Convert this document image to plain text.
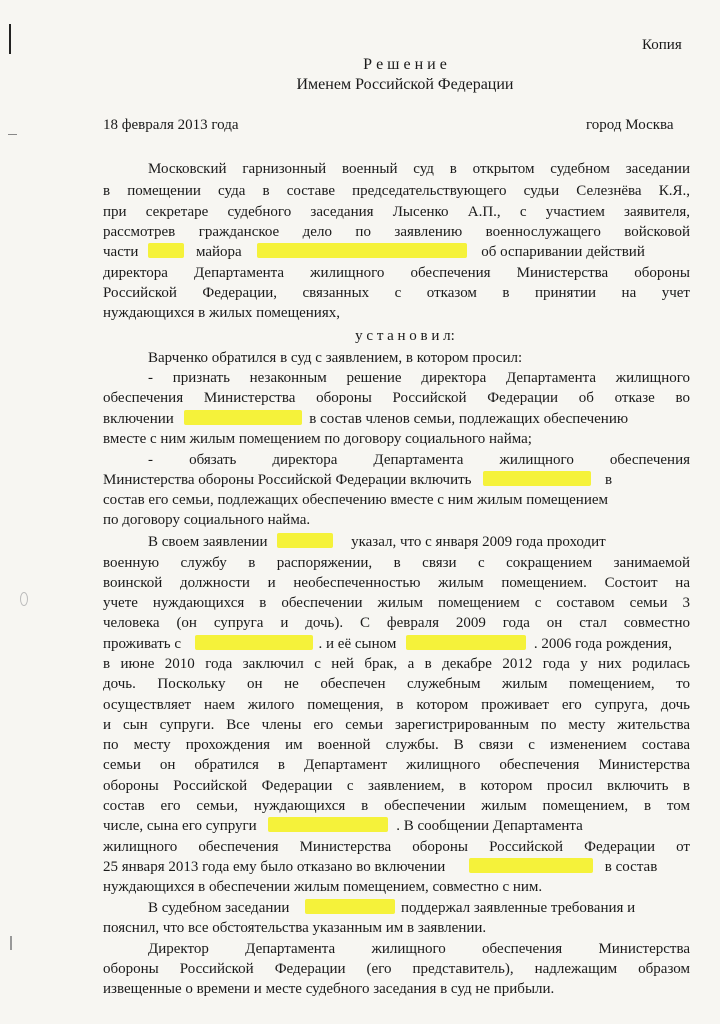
Копия
Р е ш е н и е
Именем Российской Федерации
18 февраля 2013 года	город Москва
Московский гарнизонный военный суд в открытом судебном заседании
в помещении суда в составе председательствующего судьи Селезнёва К.Я.,
при секретаре судебного заседания Лысенко А.П., с участием заявителя,
рассмотрев гражданское дело по заявлению военнослужащего войсковой
части	майора	об оспаривании действий
директора Департамента жилищного обеспечения Министерства обороны
Российской Федерации, связанных с отказом в принятии на учет
нуждающихся в жилых помещениях,
у с т а н о в и л:
Варченко обратился в суд с заявлением, в котором просил:
- признать незаконным решение директора Департамента жилищного
обеспечения Министерства обороны Российской Федерации об отказе во
включении	в состав членов семьи, подлежащих обеспечению
вместе с ним жилым помещением по договору социального найма;
- обязать директора Департамента жилищного обеспечения
Министерства обороны Российской Федерации включить	в
состав его семьи, подлежащих обеспечению вместе с ним жилым помещением
по договору социального найма.
В своем заявлении	указал, что с января 2009 года проходит
военную службу в распоряжении, в связи с сокращением занимаемой
воинской должности и необеспеченностью жилым помещением. Состоит на
учете нуждающихся в обеспечении жилым помещением с составом семьи 3
человека (он супруга и дочь). С февраля 2009 года он стал совместно
проживать с	. и её сыном	. 2006 года рождения,
в июне 2010 года заключил с ней брак, а в декабре 2012 года у них родилась
дочь. Поскольку он не обеспечен служебным жилым помещением, то
осуществляет наем жилого помещения, в котором проживает его супруга, дочь
и сын супруги. Все члены его семьи зарегистрированным по месту жительства
по месту прохождения им военной службы. В связи с изменением состава
семьи он обратился в Департамент жилищного обеспечения Министерства
обороны Российской Федерации с заявлением, в котором просил включить в
состав его семьи, нуждающихся в обеспечении жилым помещением, в том
числе, сына его супруги	. В сообщении Департамента
жилищного обеспечения Министерства обороны Российской Федерации от
25 января 2013 года ему было отказано во включении	в состав
нуждающихся в обеспечении жилым помещением, совместно с ним.
В судебном заседании	поддержал заявленные требования и
пояснил, что все обстоятельства указанным им в заявлении.
Директор Департамента жилищного обеспечения Министерства
обороны Российской Федерации (его представитель), надлежащим образом
извещенные о времени и месте судебного заседания в суд не прибыли.
